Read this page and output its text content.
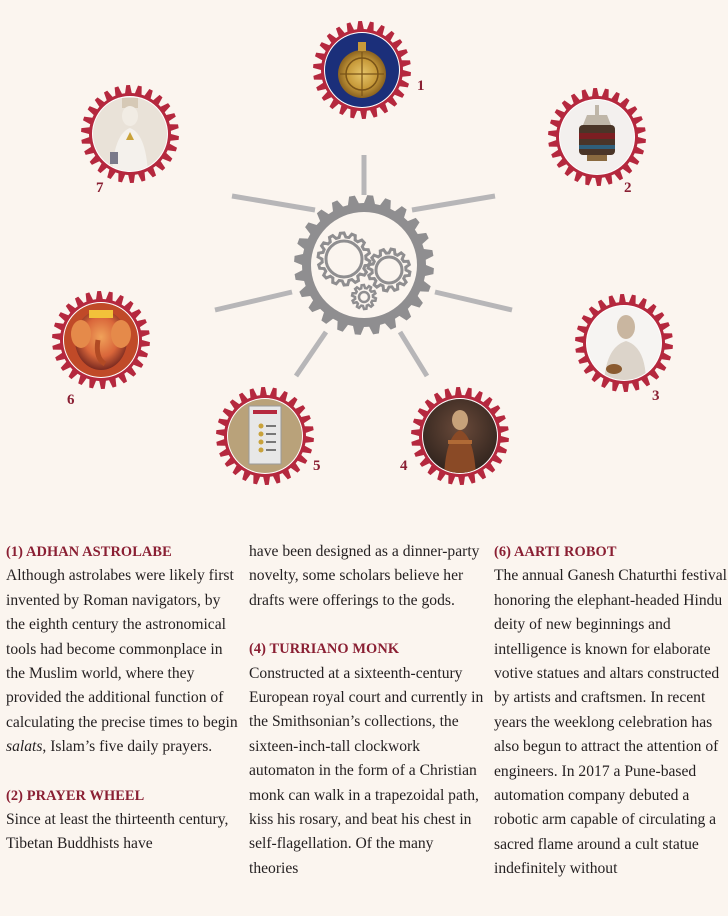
1
2
3
4
5
6
7

(1) ADHAN ASTROLABE

Although astrolabes were likely first invented by Roman navigators, by the eighth century the astronomical tools had become commonplace in the Muslim world, where they provided the additional function of calculating the precise times to begin salats, Islam’s five daily prayers.

(2) PRAYER WHEEL

Since at least the thirteenth century, Tibetan Buddhists have

have been designed as a dinner-party novelty, some scholars believe her drafts were offerings to the gods.

(4) TURRIANO MONK

Constructed at a sixteenth-century European royal court and currently in the Smithsonian’s collections, the sixteen-inch-tall clockwork automaton in the form of a Christian monk can walk in a trapezoidal path, kiss his rosary, and beat his chest in self-flagellation. Of the many theories

(6) AARTI ROBOT

The annual Ganesh Chaturthi festival honoring the elephant-headed Hindu deity of new beginnings and intelligence is known for elaborate votive statues and altars constructed by artists and craftsmen. In recent years the weeklong celebration has also begun to attract the attention of engineers. In 2017 a Pune-based automation company debuted a robotic arm capable of circulating a sacred flame around a cult statue indefinitely without
